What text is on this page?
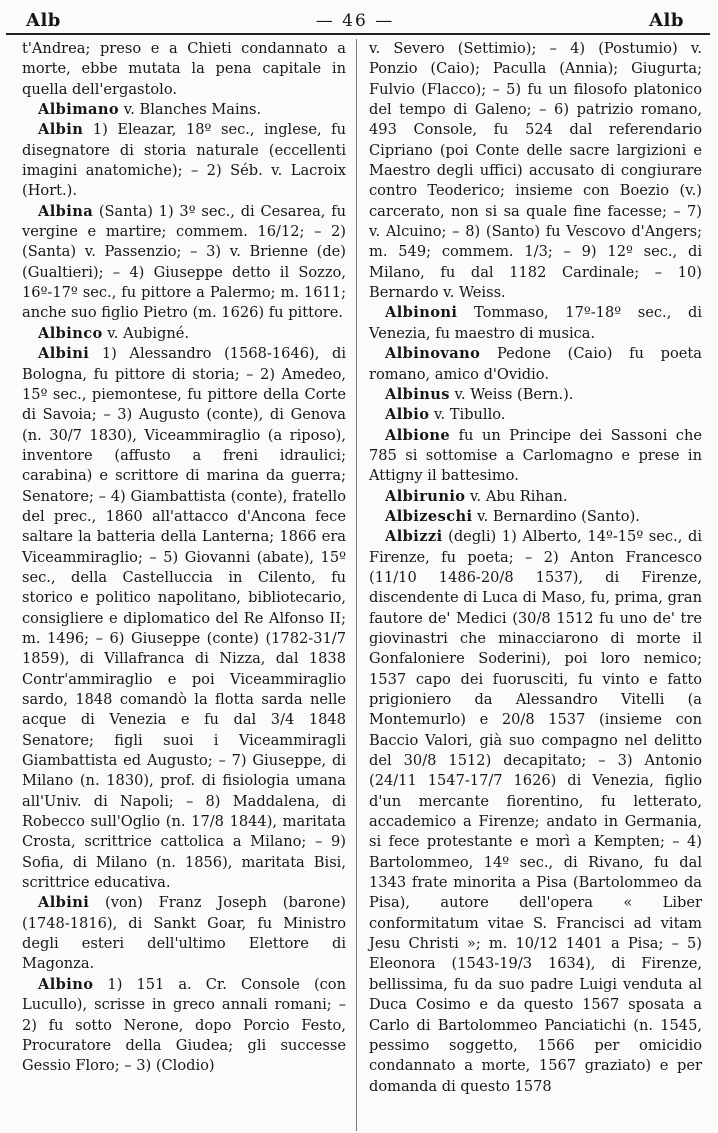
Alb	— 46 —	Alb

t'Andrea; preso e a Chieti condannato a morte, ebbe mutata la pena capitale in quella dell'ergastolo.

Albimano v. Blanches Mains.

Albin 1) Eleazar, 18º sec., inglese, fu disegnatore di storia naturale (eccellenti imagini anatomiche); – 2) Séb. v. Lacroix (Hort.).

Albina (Santa) 1) 3º sec., di Cesarea, fu vergine e martire; commem. 16/12; – 2) (Santa) v. Passenzio; – 3) v. Brienne (de) (Gualtieri); – 4) Giuseppe detto il Sozzo, 16º-17º sec., fu pittore a Palermo; m. 1611; anche suo figlio Pietro (m. 1626) fu pittore.

Albinco v. Aubigné.

Albini 1) Alessandro (1568-1646), di Bologna, fu pittore di storia; – 2) Amedeo, 15º sec., piemontese, fu pittore della Corte di Savoia; – 3) Augusto (conte), di Genova (n. 30/7 1830), Viceammiraglio (a riposo), inventore (affusto a freni idraulici; carabina) e scrittore di marina da guerra; Senatore; – 4) Giambattista (conte), fratello del prec., 1860 all'attacco d'Ancona fece saltare la batteria della Lanterna; 1866 era Viceammiraglio; – 5) Giovanni (abate), 15º sec., della Castelluccia in Cilento, fu storico e politico napolitano, bibliotecario, consigliere e diplomatico del Re Alfonso II; m. 1496; – 6) Giuseppe (conte) (1782-31/7 1859), di Villafranca di Nizza, dal 1838 Contr'ammiraglio e poi Viceammiraglio sardo, 1848 comandò la flotta sarda nelle acque di Venezia e fu dal 3/4 1848 Senatore; figli suoi i Viceammiragli Giambattista ed Augusto; – 7) Giuseppe, di Milano (n. 1830), prof. di fisiologia umana all'Univ. di Napoli; – 8) Maddalena, di Robecco sull'Oglio (n. 17/8 1844), maritata Crosta, scrittrice cattolica a Milano; – 9) Sofia, di Milano (n. 1856), maritata Bisi, scrittrice educativa.

Albini (von) Franz Joseph (barone) (1748-1816), di Sankt Goar, fu Ministro degli esteri dell'ultimo Elettore di Magonza.

Albino 1) 151 a. Cr. Console (con Lucullo), scrisse in greco annali romani; – 2) fu sotto Nerone, dopo Porcio Festo, Procuratore della Giudea; gli successe Gessio Floro; – 3) (Clodio)

v. Severo (Settimio); – 4) (Postumio) v. Ponzio (Caio); Paculla (Annia); Giugurta; Fulvio (Flacco); – 5) fu un filosofo platonico del tempo di Galeno; – 6) patrizio romano, 493 Console, fu 524 dal referendario Cipriano (poi Conte delle sacre largizioni e Maestro degli uffici) accusato di congiurare contro Teoderico; insieme con Boezio (v.) carcerato, non si sa quale fine facesse; – 7) v. Alcuino; – 8) (Santo) fu Vescovo d'Angers; m. 549; commem. 1/3; – 9) 12º sec., di Milano, fu dal 1182 Cardinale; – 10) Bernardo v. Weiss.

Albinoni Tommaso, 17º-18º sec., di Venezia, fu maestro di musica.

Albinovano Pedone (Caio) fu poeta romano, amico d'Ovidio.

Albinus v. Weiss (Bern.).

Albio v. Tibullo.

Albione fu un Principe dei Sassoni che 785 si sottomise a Carlomagno e prese in Attigny il battesimo.

Albirunio v. Abu Rihan.

Albizeschi v. Bernardino (Santo).

Albizzi (degli) 1) Alberto, 14º-15º sec., di Firenze, fu poeta; – 2) Anton Francesco (11/10 1486-20/8 1537), di Firenze, discendente di Luca di Maso, fu, prima, gran fautore de' Medici (30/8 1512 fu uno de' tre giovinastri che minacciarono di morte il Gonfaloniere Soderini), poi loro nemico; 1537 capo dei fuorusciti, fu vinto e fatto prigioniero da Alessandro Vitelli (a Montemurlo) e 20/8 1537 (insieme con Baccio Valori, già suo compagno nel delitto del 30/8 1512) decapitato; – 3) Antonio (24/11 1547-17/7 1626) di Venezia, figlio d'un mercante fiorentino, fu letterato, accademico a Firenze; andato in Germania, si fece protestante e morì a Kempten; – 4) Bartolommeo, 14º sec., di Rivano, fu dal 1343 frate minorita a Pisa (Bartolommeo da Pisa), autore dell'opera « Liber conformitatum vitae S. Francisci ad vitam Jesu Christi »; m. 10/12 1401 a Pisa; – 5) Eleonora (1543-19/3 1634), di Firenze, bellissima, fu da suo padre Luigi venduta al Duca Cosimo e da questo 1567 sposata a Carlo di Bartolommeo Panciatichi (n. 1545, pessimo soggetto, 1566 per omicidio condannato a morte, 1567 graziato) e per domanda di questo 1578
